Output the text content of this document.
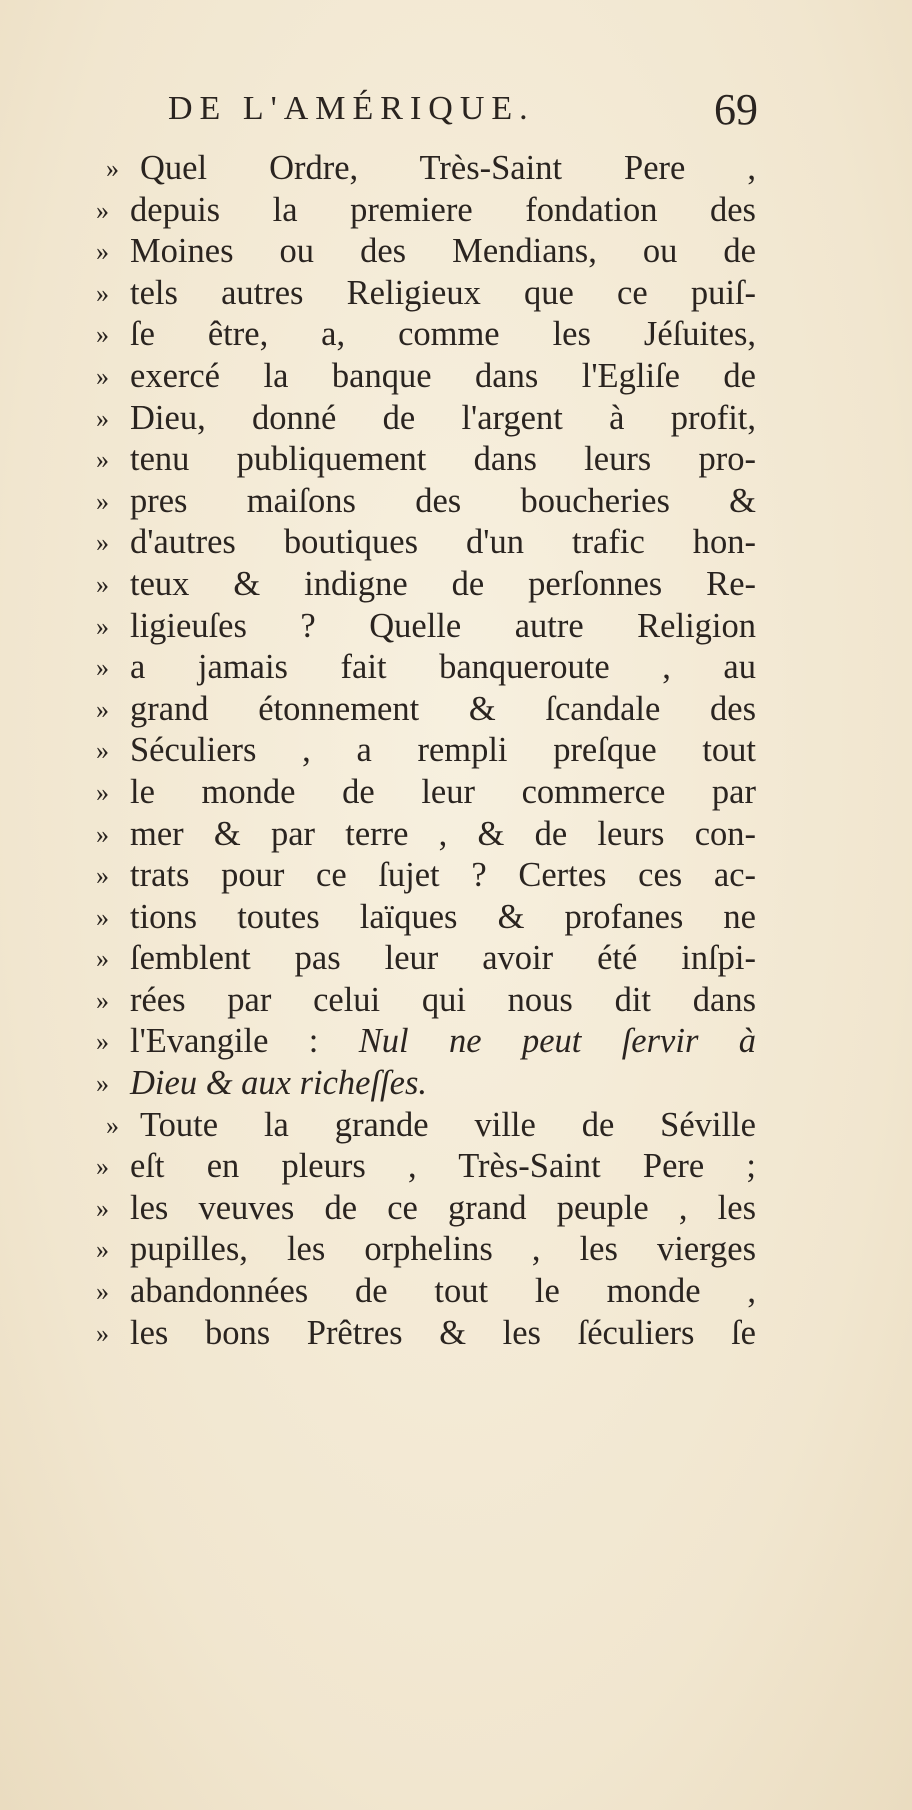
DE L'AMÉRIQUE.	69
» Quel Ordre, Très-Saint Pere ,
» depuis la premiere fondation des
» Moines ou des Mendians, ou de
» tels autres Religieux que ce puiſ-
» ſe être, a, comme les Jéſuites,
» exercé la banque dans l'Egliſe de
» Dieu, donné de l'argent à profit,
» tenu publiquement dans leurs pro-
» pres maiſons des boucheries &
» d'autres boutiques d'un trafic hon-
» teux & indigne de perſonnes Re-
» ligieuſes ? Quelle autre Religion
» a jamais fait banqueroute , au
» grand étonnement & ſcandale des
» Séculiers , a rempli preſque tout
» le monde de leur commerce par
» mer & par terre , & de leurs con-
» trats pour ce ſujet ? Certes ces ac-
» tions toutes laïques & profanes ne
» ſemblent pas leur avoir été inſpi-
» rées par celui qui nous dit dans
» l'Evangile : Nul ne peut ſervir à
» Dieu & aux richeſſes.
» Toute la grande ville de Séville
» eſt en pleurs , Très-Saint Pere ;
» les veuves de ce grand peuple , les
» pupilles, les orphelins , les vierges
» abandonnées de tout le monde ,
» les bons Prêtres & les ſéculiers ſe
